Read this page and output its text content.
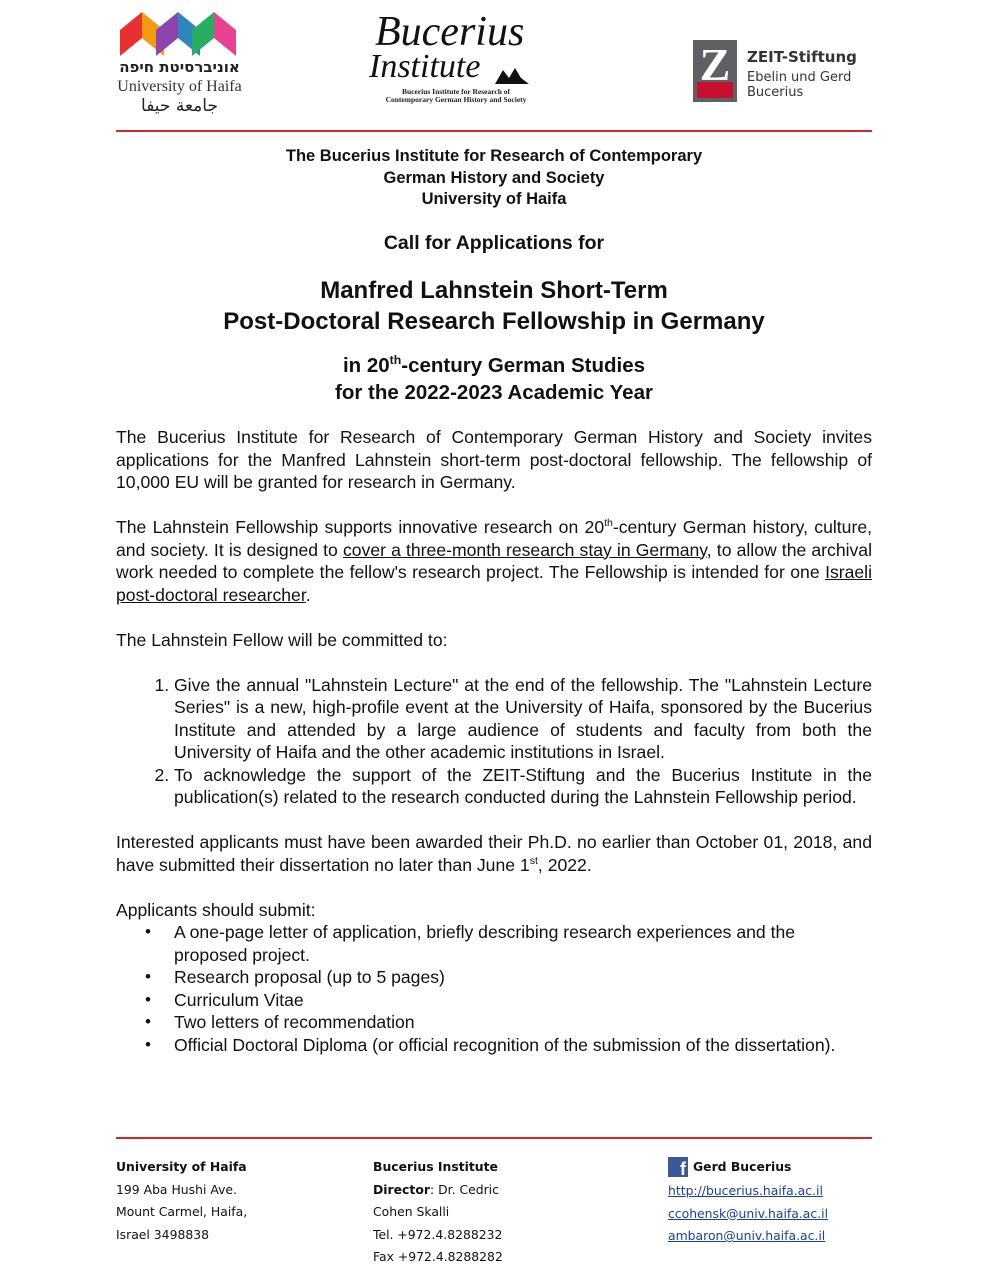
אוניברסיטת חיפה
University of Haifa
جامعة حيفا
Bucerius
Institute
Bucerius Institute for Research of
Contemporary German History and Society
Z ZEIT-Stiftung
Ebelin und Gerd
Bucerius
The Bucerius Institute for Research of Contemporary
German History and Society
University of Haifa
Call for Applications for
Manfred Lahnstein Short-Term
Post-Doctoral Research Fellowship in Germany
in 20th-century German Studies
for the 2022-2023 Academic Year

The Bucerius Institute for Research of Contemporary German History and Society invites applications for the Manfred Lahnstein short-term post-doctoral fellowship. The fellowship of 10,000 EU will be granted for research in Germany.

The Lahnstein Fellowship supports innovative research on 20th-century German history, culture, and society. It is designed to cover a three-month research stay in Germany, to allow the archival work needed to complete the fellow's research project. The Fellowship is intended for one Israeli post-doctoral researcher.

The Lahnstein Fellow will be committed to:

1. Give the annual "Lahnstein Lecture" at the end of the fellowship. The "Lahnstein Lecture Series" is a new, high-profile event at the University of Haifa, sponsored by the Bucerius Institute and attended by a large audience of students and faculty from both the University of Haifa and the other academic institutions in Israel.
2. To acknowledge the support of the ZEIT-Stiftung and the Bucerius Institute in the publication(s) related to the research conducted during the Lahnstein Fellowship period.

Interested applicants must have been awarded their Ph.D. no earlier than October 01, 2018, and have submitted their dissertation no later than June 1st, 2022.

Applicants should submit:

• A one-page letter of application, briefly describing research experiences and the proposed project.
• Research proposal (up to 5 pages)
• Curriculum Vitae
• Two letters of recommendation
• Official Doctoral Diploma (or official recognition of the submission of the dissertation).
University of Haifa
199 Aba Hushi Ave.
Mount Carmel, Haifa,
Israel 3498838
Bucerius Institute
Director: Dr. Cedric
Cohen Skalli
Tel. +972.4.8288232
Fax +972.4.8288282
f Gerd Bucerius
http://bucerius.haifa.ac.il
ccohensk@univ.haifa.ac.il
ambaron@univ.haifa.ac.il
